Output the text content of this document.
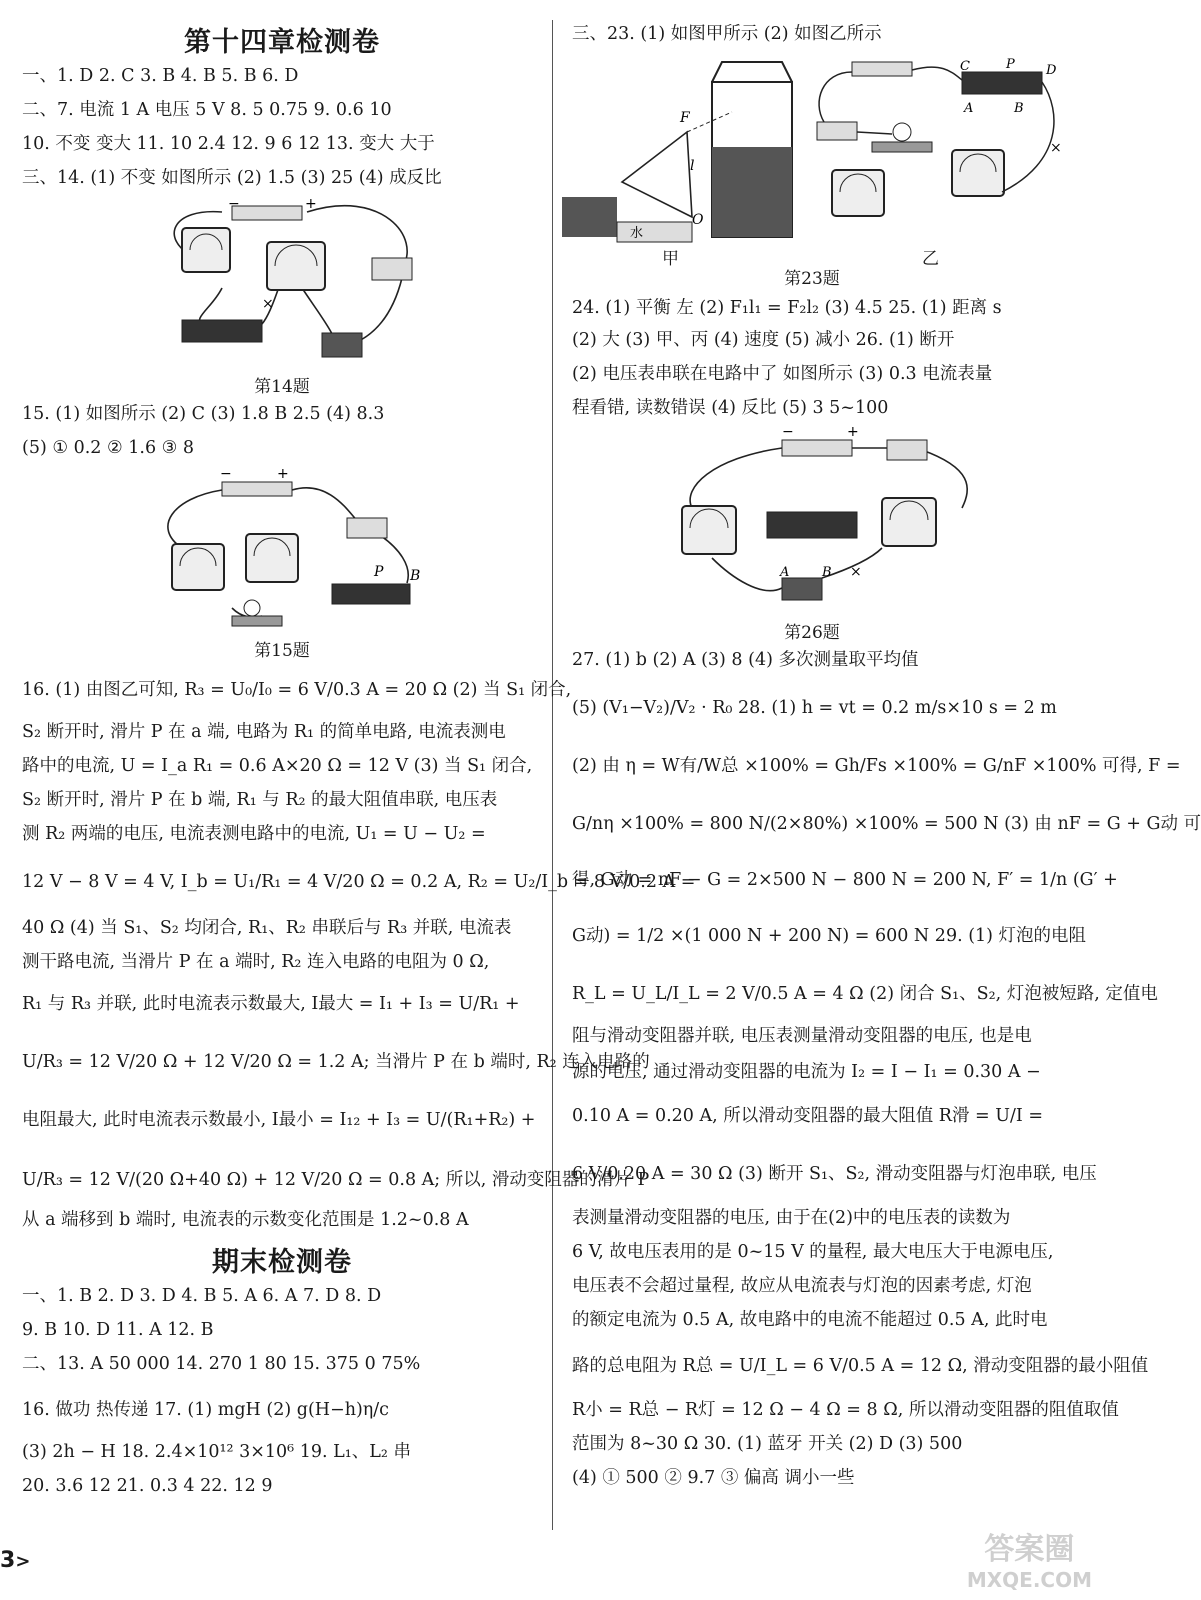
第十四章检测卷
一、1. D 2. C 3. B 4. B 5. B 6. D
二、7. 电流 1 A 电压 5 V 8. 5 0.75 9. 0.6 10
10. 不变 变大 11. 10 2.4 12. 9 6 12 13. 变大 大于
三、14. (1) 不变 如图所示 (2) 1.5 (3) 25 (4) 成反比
−	+
×
第14题
15. (1) 如图所示 (2) C (3) 1.8 B 2.5 (4) 8.3
(5) ① 0.2 ② 1.6 ③ 8
−	+
P B
第15题
16. (1) 由图乙可知, R₃ = U₀/I₀ = 6 V/0.3 A = 20 Ω (2) 当 S₁ 闭合,
S₂ 断开时, 滑片 P 在 a 端, 电路为 R₁ 的简单电路, 电流表测电
路中的电流, U = I_a R₁ = 0.6 A×20 Ω = 12 V (3) 当 S₁ 闭合,
S₂ 断开时, 滑片 P 在 b 端, R₁ 与 R₂ 的最大阻值串联, 电压表
测 R₂ 两端的电压, 电流表测电路中的电流, U₁ = U − U₂ =
12 V − 8 V = 4 V, I_b = U₁/R₁ = 4 V/20 Ω = 0.2 A, R₂ = U₂/I_b = 8 V/0.2 A =
40 Ω (4) 当 S₁、S₂ 均闭合, R₁、R₂ 串联后与 R₃ 并联, 电流表
测干路电流, 当滑片 P 在 a 端时, R₂ 连入电路的电阻为 0 Ω,
R₁ 与 R₃ 并联, 此时电流表示数最大, I最大 = I₁ + I₃ = U/R₁ +
U/R₃ = 12 V/20 Ω + 12 V/20 Ω = 1.2 A; 当滑片 P 在 b 端时, R₂ 连入电路的
电阻最大, 此时电流表示数最小, I最小 = I₁₂ + I₃ = U/(R₁+R₂) +
U/R₃ = 12 V/(20 Ω+40 Ω) + 12 V/20 Ω = 0.8 A; 所以, 滑动变阻器的滑片 P
从 a 端移到 b 端时, 电流表的示数变化范围是 1.2~0.8 A
期末检测卷
一、1. B 2. D 3. D 4. B 5. A 6. A 7. D 8. D
9. B 10. D 11. A 12. B
二、13. A 50 000 14. 270 1 80 15. 375 0 75%
16. 做功 热传递 17. (1) mgH (2) g(H−h)η/c
(3) 2h − H 18. 2.4×10¹² 3×10⁶ 19. L₁、L₂ 串
20. 3.6 12 21. 0.3 4 22. 12 9
三、23. (1) 如图甲所示 (2) 如图乙所示
F
l
O
水
C	P D
A	B
×
甲	乙
第23题
24. (1) 平衡 左 (2) F₁l₁ = F₂l₂ (3) 4.5 25. (1) 距离 s
(2) 大 (3) 甲、丙 (4) 速度 (5) 减小 26. (1) 断开
(2) 电压表串联在电路中了 如图所示 (3) 0.3 电流表量
程看错, 读数错误 (4) 反比 (5) 3 5~100
−	+
A	B ×
第26题
27. (1) b (2) A (3) 8 (4) 多次测量取平均值
(5) (V₁−V₂)/V₂ · R₀ 28. (1) h = vt = 0.2 m/s×10 s = 2 m
(2) 由 η = W有/W总 ×100% = Gh/Fs ×100% = G/nF ×100% 可得, F =
G/nη ×100% = 800 N/(2×80%) ×100% = 500 N (3) 由 nF = G + G动 可
得, G动 = nF − G = 2×500 N − 800 N = 200 N, F′ = 1/n (G′ +
G动) = 1/2 ×(1 000 N + 200 N) = 600 N 29. (1) 灯泡的电阻
R_L = U_L/I_L = 2 V/0.5 A = 4 Ω (2) 闭合 S₁、S₂, 灯泡被短路, 定值电
阻与滑动变阻器并联, 电压表测量滑动变阻器的电压, 也是电
源的电压, 通过滑动变阻器的电流为 I₂ = I − I₁ = 0.30 A −
0.10 A = 0.20 A, 所以滑动变阻器的最大阻值 R滑 = U/I =
6 V/0.20 A = 30 Ω (3) 断开 S₁、S₂, 滑动变阻器与灯泡串联, 电压
表测量滑动变阻器的电压, 由于在(2)中的电压表的读数为
6 V, 故电压表用的是 0~15 V 的量程, 最大电压大于电源电压,
电压表不会超过量程, 故应从电流表与灯泡的因素考虑, 灯泡
的额定电流为 0.5 A, 故电路中的电流不能超过 0.5 A, 此时电
路的总电阻为 R总 = U/I_L = 6 V/0.5 A = 12 Ω, 滑动变阻器的最小阻值
R小 = R总 − R灯 = 12 Ω − 4 Ω = 8 Ω, 所以滑动变阻器的阻值取值
范围为 8~30 Ω 30. (1) 蓝牙 开关 (2) D (3) 500
(4) ① 500 ② 9.7 ③ 偏高 调小一些
3>	答案圈
MXQE.COM
